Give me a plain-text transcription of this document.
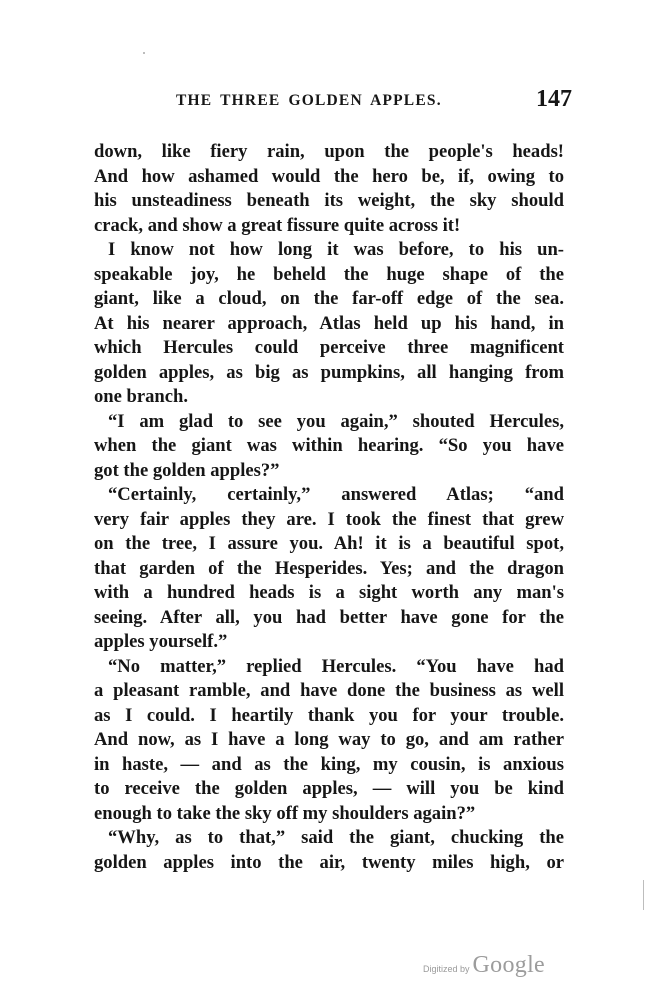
THE THREE GOLDEN APPLES.	147
down, like fiery rain, upon the people's heads!
And how ashamed would the hero be, if, owing to
his unsteadiness beneath its weight, the sky should
crack, and show a great fissure quite across it!
I know not how long it was before, to his un-
speakable joy, he beheld the huge shape of the
giant, like a cloud, on the far-off edge of the sea.
At his nearer approach, Atlas held up his hand, in
which Hercules could perceive three magnificent
golden apples, as big as pumpkins, all hanging from
one branch.
“I am glad to see you again,” shouted Hercules,
when the giant was within hearing. “So you have
got the golden apples?”
“Certainly, certainly,” answered Atlas; “and
very fair apples they are. I took the finest that grew
on the tree, I assure you. Ah! it is a beautiful spot,
that garden of the Hesperides. Yes; and the dragon
with a hundred heads is a sight worth any man's
seeing. After all, you had better have gone for the
apples yourself.”
“No matter,” replied Hercules. “You have had
a pleasant ramble, and have done the business as well
as I could. I heartily thank you for your trouble.
And now, as I have a long way to go, and am rather
in haste, — and as the king, my cousin, is anxious
to receive the golden apples, — will you be kind
enough to take the sky off my shoulders again?”
“Why, as to that,” said the giant, chucking the
golden apples into the air, twenty miles high, or
Digitized by Google
